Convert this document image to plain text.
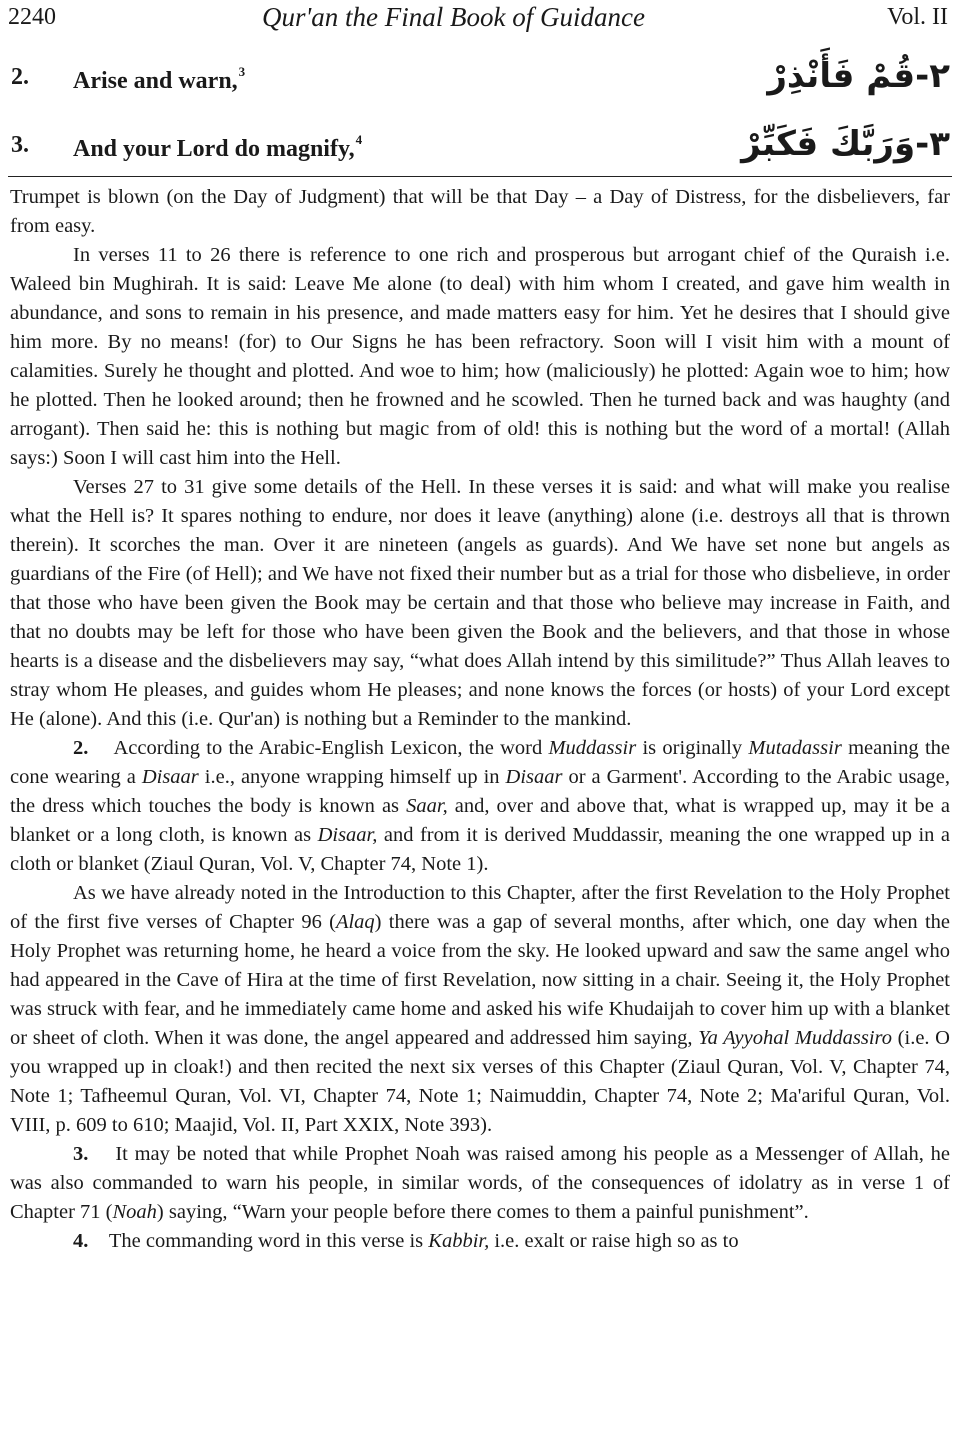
2240	Qur'an the Final Book of Guidance	Vol. II
2. Arise and warn,$^3$	٢-قُمْ فَأَنْذِرْ
3. And your Lord do magnify,$^4$	٣-وَرَبَّكَ فَكَبِّرْ

Trumpet is blown (on the Day of Judgment) that will be that Day – a Day of Distress, for the disbelievers, far from easy.

In verses 11 to 26 there is reference to one rich and prosperous but arrogant chief of the Quraish i.e. Waleed bin Mughirah. It is said: Leave Me alone (to deal) with him whom I created, and gave him wealth in abundance, and sons to remain in his presence, and made matters easy for him. Yet he desires that I should give him more. By no means! (for) to Our Signs he has been refractory. Soon will I visit him with a mount of calamities. Surely he thought and plotted. And woe to him; how (maliciously) he plotted: Again woe to him; how he plotted. Then he looked around; then he frowned and he scowled. Then he turned back and was haughty (and arrogant). Then said he: this is nothing but magic from of old! this is nothing but the word of a mortal! (Allah says:) Soon I will cast him into the Hell.

Verses 27 to 31 give some details of the Hell. In these verses it is said: and what will make you realise what the Hell is? It spares nothing to endure, nor does it leave (anything) alone (i.e. destroys all that is thrown therein). It scorches the man. Over it are nineteen (angels as guards). And We have set none but angels as guardians of the Fire (of Hell); and We have not fixed their number but as a trial for those who disbelieve, in order that those who have been given the Book may be certain and that those who believe may increase in Faith, and that no doubts may be left for those who have been given the Book and the believers, and that those in whose hearts is a disease and the disbelievers may say, “what does Allah intend by this similitude?” Thus Allah leaves to stray whom He pleases, and guides whom He pleases; and none knows the forces (or hosts) of your Lord except He (alone). And this (i.e. Qur'an) is nothing but a Reminder to the mankind.

2. According to the Arabic-English Lexicon, the word Muddassir is originally Mutadassir meaning the cone wearing a Disaar i.e., anyone wrapping himself up in Disaar or a Garment'. According to the Arabic usage, the dress which touches the body is known as Saar, and, over and above that, what is wrapped up, may it be a blanket or a long cloth, is known as Disaar, and from it is derived Muddassir, meaning the one wrapped up in a cloth or blanket (Ziaul Quran, Vol. V, Chapter 74, Note 1).

As we have already noted in the Introduction to this Chapter, after the first Revelation to the Holy Prophet of the first five verses of Chapter 96 (Alaq) there was a gap of several months, after which, one day when the Holy Prophet was returning home, he heard a voice from the sky. He looked upward and saw the same angel who had appeared in the Cave of Hira at the time of first Revelation, now sitting in a chair. Seeing it, the Holy Prophet was struck with fear, and he immediately came home and asked his wife Khudaijah to cover him up with a blanket or sheet of cloth. When it was done, the angel appeared and addressed him saying, Ya Ayyohal Muddassiro (i.e. O you wrapped up in cloak!) and then recited the next six verses of this Chapter (Ziaul Quran, Vol. V, Chapter 74, Note 1; Tafheemul Quran, Vol. VI, Chapter 74, Note 1; Naimuddin, Chapter 74, Note 2; Ma'ariful Quran, Vol. VIII, p. 609 to 610; Maajid, Vol. II, Part XXIX, Note 393).

3. It may be noted that while Prophet Noah was raised among his people as a Messenger of Allah, he was also commanded to warn his people, in similar words, of the consequences of idolatry as in verse 1 of Chapter 71 (Noah) saying, “Warn your people before there comes to them a painful punishment”.

4. The commanding word in this verse is Kabbir, i.e. exalt or raise high so as to
